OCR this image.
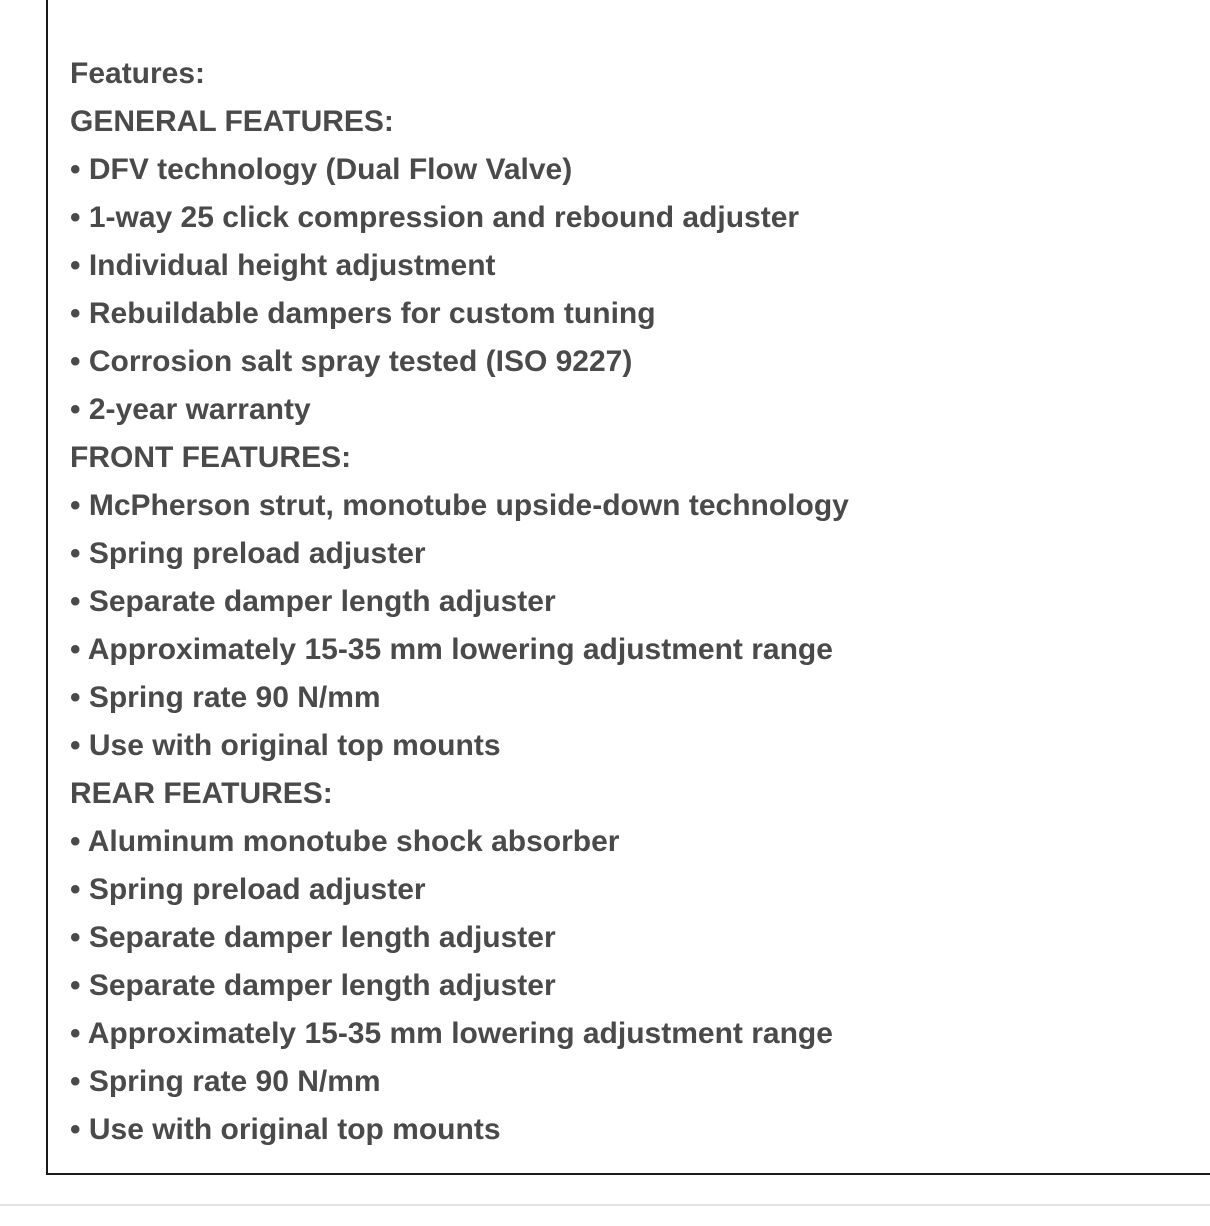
Features:
GENERAL FEATURES:
• DFV technology (Dual Flow Valve)
• 1-way 25 click compression and rebound adjuster
• Individual height adjustment
• Rebuildable dampers for custom tuning
• Corrosion salt spray tested (ISO 9227)
• 2-year warranty
FRONT FEATURES:
• McPherson strut, monotube upside-down technology
• Spring preload adjuster
• Separate damper length adjuster
• Approximately 15-35 mm lowering adjustment range
• Spring rate 90 N/mm
• Use with original top mounts
REAR FEATURES:
• Aluminum monotube shock absorber
• Spring preload adjuster
• Separate damper length adjuster
• Separate damper length adjuster
• Approximately 15-35 mm lowering adjustment range
• Spring rate 90 N/mm
• Use with original top mounts
